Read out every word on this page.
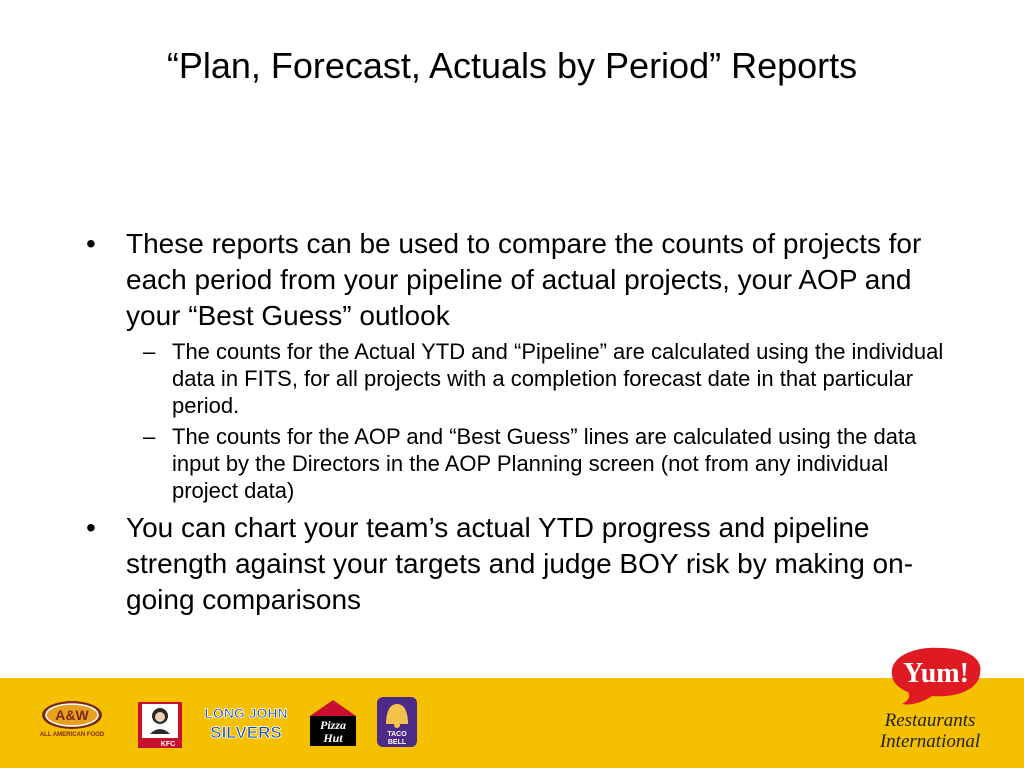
“Plan, Forecast, Actuals by Period” Reports
• These reports can be used to compare the counts of projects for each period from your pipeline of actual projects, your AOP and your “Best Guess” outlook
– The counts for the Actual YTD and “Pipeline” are calculated using the individual data in FITS, for all projects with a completion forecast date in that particular period.
– The counts for the AOP and “Best Guess” lines are calculated using the data input by the Directors in the AOP Planning screen (not from any individual project data)
• You can chart your team’s actual YTD progress and pipeline strength against your targets and judge BOY risk by making on-going comparisons
A&W
ALL AMERICAN FOOD
KFC
LONG JOHN
SILVERS	Pizza
Hut	TACO
BELL
Yum!
Restaurants
International
